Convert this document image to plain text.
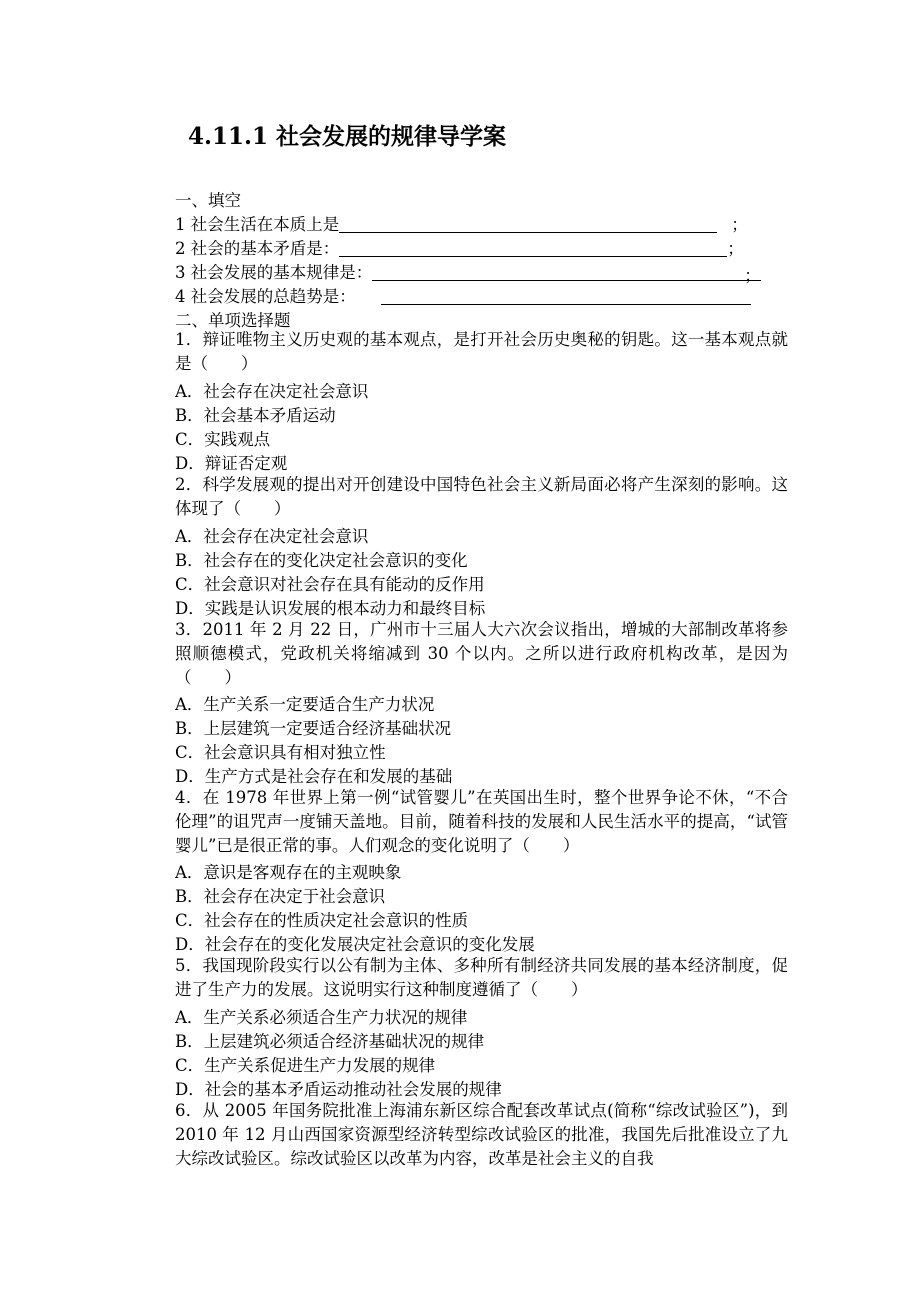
4.11.1 社会发展的规律导学案
一、填空
1 社会生活在本质上是	；
2 社会的基本矛盾是：	；
3 社会发展的基本规律是：	；
4 社会发展的总趋势是：
二、单项选择题
1．辩证唯物主义历史观的基本观点，是打开社会历史奥秘的钥匙。这一基本观点就是（　　）
A．社会存在决定社会意识
B．社会基本矛盾运动
C．实践观点
D．辩证否定观
2．科学发展观的提出对开创建设中国特色社会主义新局面必将产生深刻的影响。这体现了（　　）
A．社会存在决定社会意识
B．社会存在的变化决定社会意识的变化
C．社会意识对社会存在具有能动的反作用
D．实践是认识发展的根本动力和最终目标
3．2011 年 2 月 22 日，广州市十三届人大六次会议指出，增城的大部制改革将参照顺德模式，党政机关将缩减到 30 个以内。之所以进行政府机构改革，是因为（　　）
A．生产关系一定要适合生产力状况
B．上层建筑一定要适合经济基础状况
C．社会意识具有相对独立性
D．生产方式是社会存在和发展的基础
4．在 1978 年世界上第一例“试管婴儿”在英国出生时，整个世界争论不休，“不合伦理”的诅咒声一度铺天盖地。目前，随着科技的发展和人民生活水平的提高，“试管婴儿”已是很正常的事。人们观念的变化说明了（　　）
A．意识是客观存在的主观映象
B．社会存在决定于社会意识
C．社会存在的性质决定社会意识的性质
D．社会存在的变化发展决定社会意识的变化发展
5．我国现阶段实行以公有制为主体、多种所有制经济共同发展的基本经济制度，促进了生产力的发展。这说明实行这种制度遵循了（　　）
A．生产关系必须适合生产力状况的规律
B．上层建筑必须适合经济基础状况的规律
C．生产关系促进生产力发展的规律
D．社会的基本矛盾运动推动社会发展的规律
6．从 2005 年国务院批准上海浦东新区综合配套改革试点(简称“综改试验区”)，到 2010 年 12 月山西国家资源型经济转型综改试验区的批准，我国先后批准设立了九大综改试验区。综改试验区以改革为内容，改革是社会主义的自我
